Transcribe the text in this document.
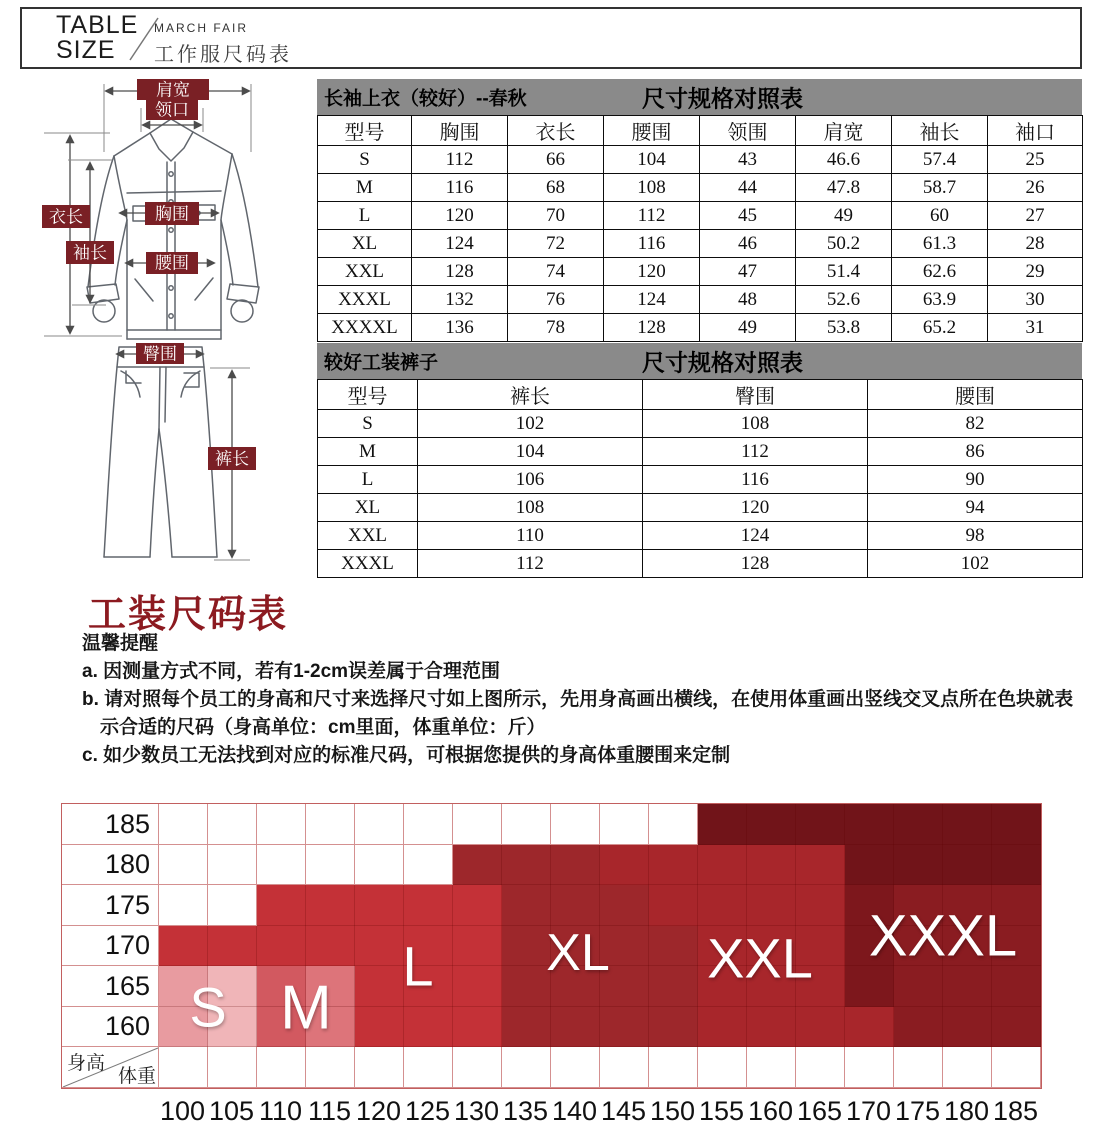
TABLE
SIZE
MARCH FAIR
工作服尺码表
肩宽
领口
衣长
袖长
胸围
腰围
臀围
裤长
长袖上衣（较好）--春秋	尺寸规格对照表
型号	胸围	衣长	腰围	领围	肩宽	袖长	袖口
S	112	66	104	43	46.6	57.4	25
M	116	68	108	44	47.8	58.7	26
L	120	70	112	45	49	60	27
XL	124	72	116	46	50.2	61.3	28
XXL	128	74	120	47	51.4	62.6	29
XXXL	132	76	124	48	52.6	63.9	30
XXXXL	136	78	128	49	53.8	65.2	31
较好工装裤子	尺寸规格对照表
型号	裤长	臀围	腰围
S	102	108	82
M	104	112	86
L	106	116	90
XL	108	120	94
XXL	110	124	98
XXXL	112	128	102
工装尺码表
温馨提醒
a. 因测量方式不同，若有1-2cm误差属于合理范围
b. 请对照每个员工的身高和尺寸来选择尺寸如上图所示，先用身高画出横线，在使用体重画出竖线交叉点所在色块就表
示合适的尺码（身高单位：cm里面，体重单位：斤）
c. 如少数员工无法找到对应的标准尺码，可根据您提供的身高体重腰围来定制
185
180
175
170
165
160
身高
体重
S M
L XL XXL XXXL
100 105 110 115 120 125 130 135 140 145 150 155 160 165 170 175 180 185
